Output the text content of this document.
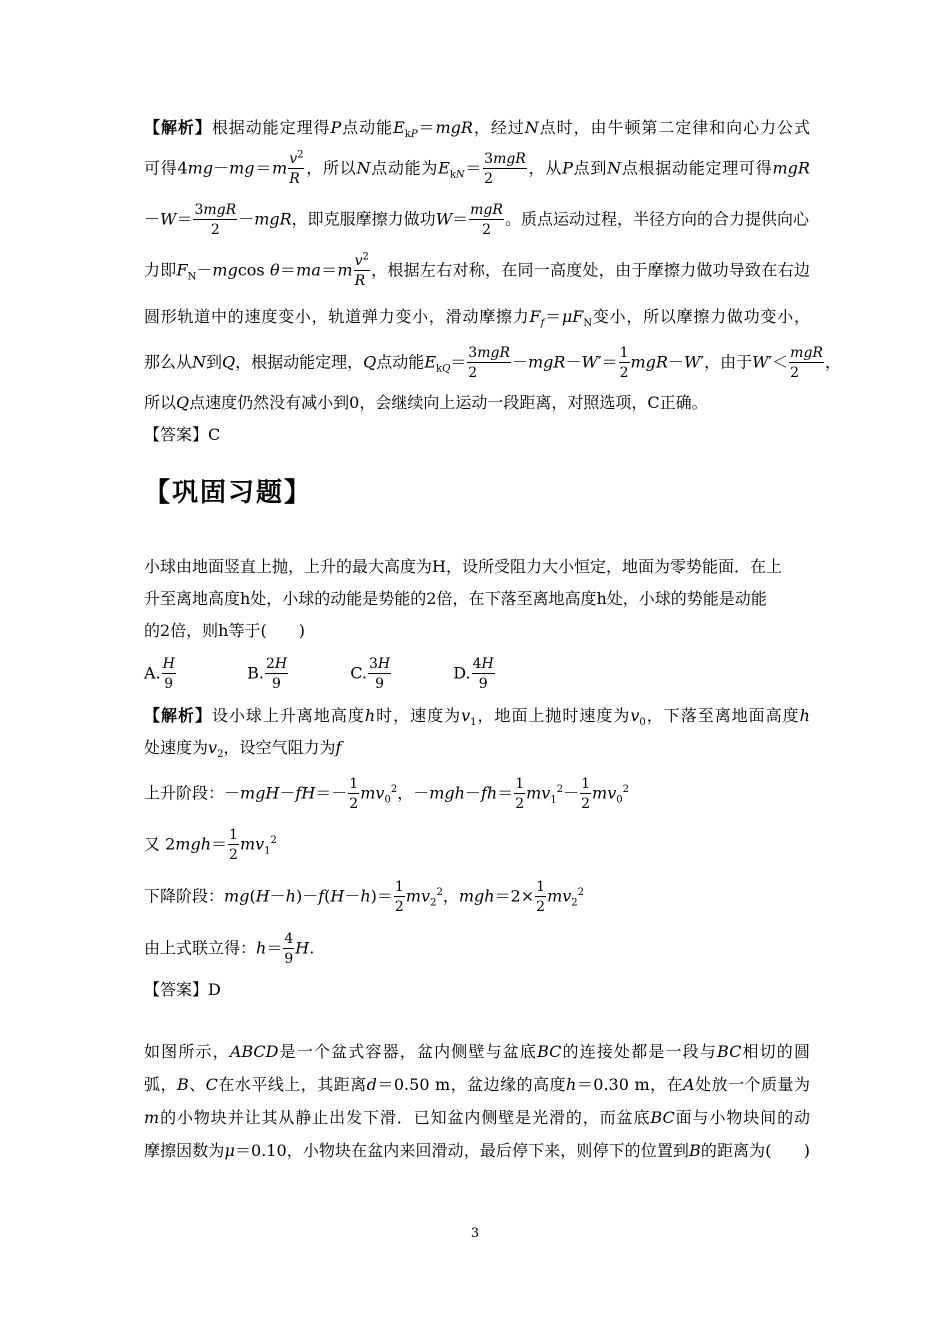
【解析】根据动能定理得P点动能$E_{kP}=mgR$，经过N点时，由牛顿第二定律和向心力公式
可得$4mg-mg=m \frac{v^2}{R}$ ，所以N点动能为$E_{kN}= \frac{\text{3mgR}}{2}$ ，从P点到N点根据动能定理可得mgR
$-W= \frac{\text{3mgR}}{2} -mgR$，即克服摩擦力做功$W= \frac{\text{mgR}}{2}$ 。质点运动过程，半径方向的合力提供向心
力即$F_N-mgcos$ $\theta=ma=m \frac{v^2}{R}$ ，根据左右对称，在同一高度处，由于摩擦力做功导致在右边
圆形轨道中的速度变小，轨道弹力变小，滑动摩擦力$F_f=\mu F_N$变小，所以摩擦力做功变小，
那么从N到Q，根据动能定理，Q点动能$E_{kQ}= \frac{\text{3mgR}}{2} -mgR-W'= \frac{1}{2} mgR-W'$，由于$W'< \frac{\text{mgR}}{2}$ ，
所以Q点速度仍然没有减小到0，会继续向上运动一段距离，对照选项，C正确。
【答案】C
【巩固习题】
小球由地面竖直上抛，上升的最大高度为H，设所受阻力大小恒定，地面为零势能面．在上
升至离地高度h处，小球的动能是势能的2倍，在下落至离地高度h处，小球的势能是动能
的2倍，则h等于(　　)
A. $\frac{H}{9}$	B. $\frac{2H}{9}$	C. $\frac{3H}{9}$	D. $\frac{4H}{9}$
【解析】设小球上升离地高度h时，速度为$v_1$，地面上抛时速度为$v_0$，下落至离地面高度h
处速度为$v_2$，设空气阻力为f
上升阶段：$-mgH-fH=- \frac{1}{2} mv_0^2$，$-mgh-fh= \frac{1}{2} mv_1^2- \frac{1}{2} mv_0^2$
又 $2mgh= \frac{1}{2} mv_1^2$
下降阶段：$mg(H-h)-f(H-h)= \frac{1}{2} mv_2^2$，$mgh=2\times \frac{1}{2} mv_2^2$
由上式联立得：$h= \frac{4}{9} H$.
【答案】D
如图所示，ABCD是一个盆式容器，盆内侧壁与盆底BC的连接处都是一段与BC相切的圆
弧，B、C在水平线上，其距离d＝0.50 m，盆边缘的高度h＝0.30 m，在A处放一个质量为
m的小物块并让其从静止出发下滑．已知盆内侧壁是光滑的，而盆底BC面与小物块间的动
摩擦因数为μ＝0.10，小物块在盆内来回滑动，最后停下来，则停下的位置到B的距离为(　　)
3
